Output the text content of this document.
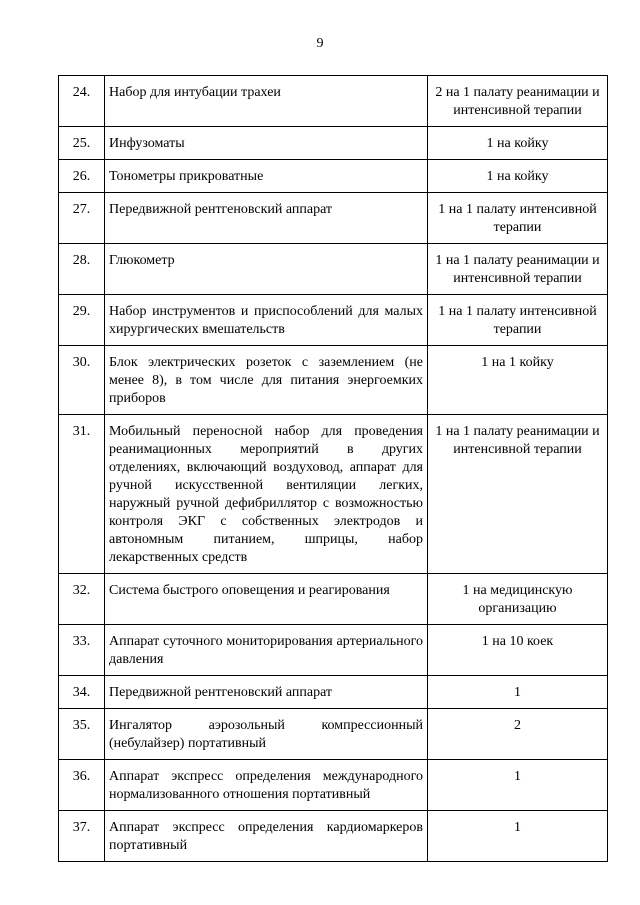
9
24.	Набор для интубации трахеи	2 на 1 палату реанимации и интенсивной терапии
25.	Инфузоматы	1 на койку
26.	Тонометры прикроватные	1 на койку
27.	Передвижной рентгеновский аппарат	1 на 1 палату интенсивной терапии
28.	Глюкометр	1 на 1 палату реанимации и интенсивной терапии
29.	Набор инструментов и приспособлений для малых хирургических вмешательств	1 на 1 палату интенсивной терапии
30.	Блок электрических розеток с заземлением (не менее 8), в том числе для питания энергоемких приборов	1 на 1 койку
31.	Мобильный переносной набор для проведения реанимационных мероприятий в других отделениях, включающий воздуховод, аппарат для ручной искусственной вентиляции легких, наружный ручной дефибриллятор с возможностью контроля ЭКГ с собственных электродов и автономным питанием, шприцы, набор лекарственных средств	1 на 1 палату реанимации и интенсивной терапии
32.	Система быстрого оповещения и реагирования	1 на медицинскую организацию
33.	Аппарат суточного мониторирования артериального давления	1 на 10 коек
34.	Передвижной рентгеновский аппарат	1
35.	Ингалятор аэрозольный компрессионный (небулайзер) портативный	2
36.	Аппарат экспресс определения международного нормализованного отношения портативный	1
37.	Аппарат экспресс определения кардиомаркеров портативный	1
